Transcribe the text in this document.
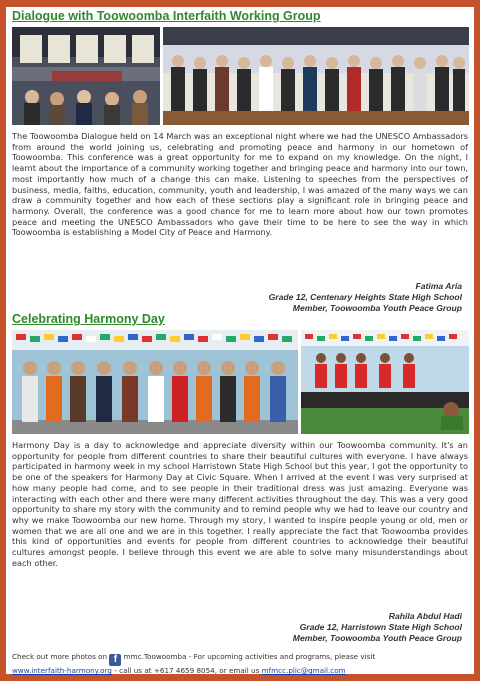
Dialogue with Toowoomba Interfaith Working Group
The Toowoomba Dialogue held on 14 March was an exceptional night where we had the UNESCO Ambassadors from around the world joining us, celebrating and promoting peace and harmony in our hometown of Toowoomba. This conference was a great opportunity for me to expand on my knowledge. On the night, I learnt about the importance of a community working together and bringing peace and harmony into our town, most importantly how much of a change this can make. Listening to speeches from the perspectives of business, media, faiths, education, community, youth and leadership, I was amazed of the many ways we can draw a community together and how each of these sections play a significant role in bringing peace and harmony. Overall, the conference was a good chance for me to learn more about how our town promotes peace and meeting the UNESCO Ambassadors who gave their time to be here to see the way in which Toowoomba is establishing a Model City of Peace and Harmony.
Fatima Aria
Grade 12, Centenary Heights State High School
Member, Toowoomba Youth Peace Group
Celebrating Harmony Day
Harmony Day is a day to acknowledge and appreciate diversity within our Toowoomba community. It's an opportunity for people from different countries to share their beautiful cultures with everyone. I have always participated in harmony week in my school Harristown State High School but this year, I got the opportunity to be one of the speakers for Harmony Day at Civic Square. When I arrived at the event I was very surprised at how many people had come, and to see people in their traditional dress was just amazing. Everyone was interacting with each other and there were many different activities throughout the day. This was a very good opportunity to share my story with the community and to remind people why we had to leave our country and why we make Toowoomba our new home. Through my story, I wanted to inspire people young or old, men or women that we are all one and we are in this together. I really appreciate the fact that Toowoomba provides this kind of opportunities and events for people from different countries to acknowledge their beautiful cultures amongst people. I believe through this event we are able to solve many misunderstandings about each other.
Rahila Abdul Hadi
Grade 12, Harristown State High School
Member, Toowoomba Youth Peace Group
Check out more photos on f mmc.Toowoomba - For upcoming activities and programs, please visit
www.interfaith-harmony.org - call us at +617 4659 8054, or email us mfmcc.plic@gmail.com
